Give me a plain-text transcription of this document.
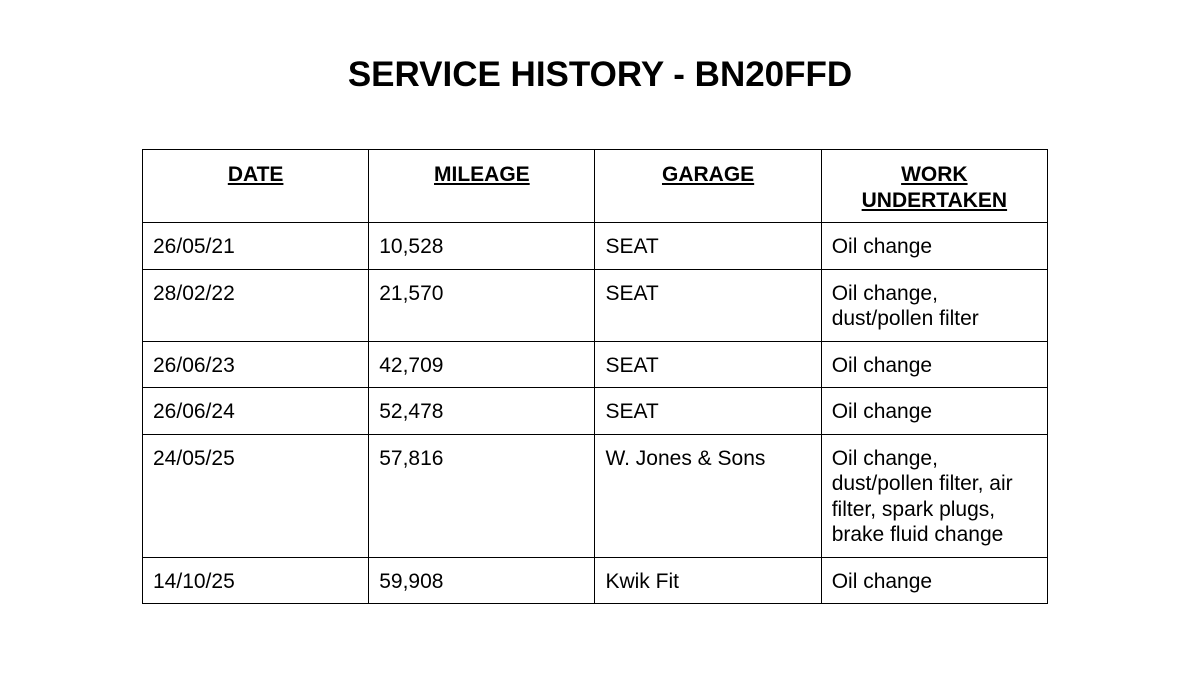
SERVICE HISTORY - BN20FFD
DATE	MILEAGE	GARAGE	WORK UNDERTAKEN
26/05/21	10,528	SEAT	Oil change
28/02/22	21,570	SEAT	Oil change, dust/pollen filter
26/06/23	42,709	SEAT	Oil change
26/06/24	52,478	SEAT	Oil change
24/05/25	57,816	W. Jones & Sons	Oil change, dust/pollen filter, air filter, spark plugs, brake fluid change
14/10/25	59,908	Kwik Fit	Oil change
